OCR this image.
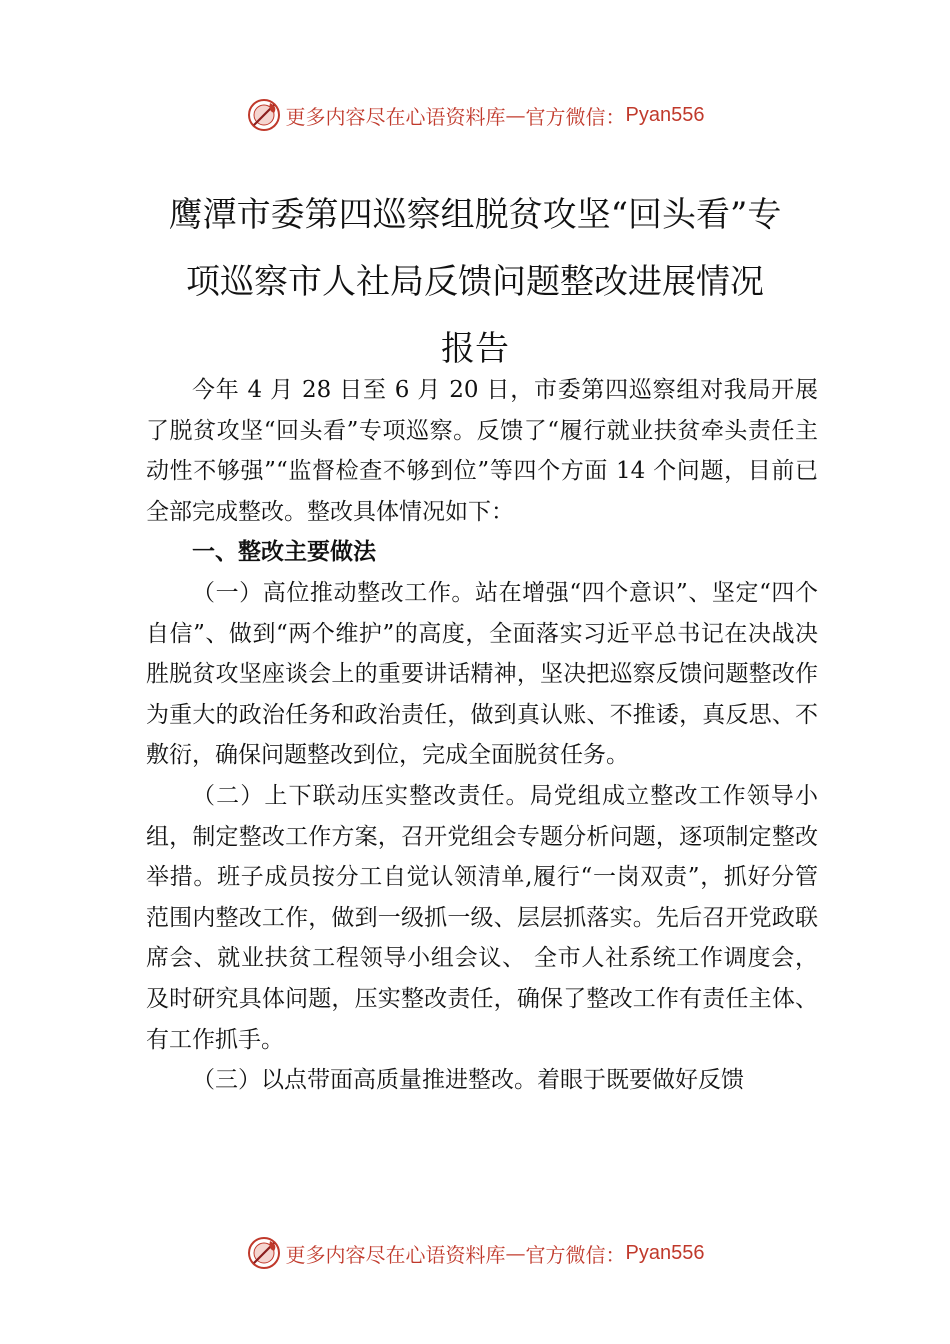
更多内容尽在心语资料库 — 官方微信： Pyan556
鹰潭市委第四巡察组脱贫攻坚“回头看”专
项巡察市人社局反馈问题整改进展情况
报告

今年 4 月 28 日至 6 月 20 日，市委第四巡察组对我局开展了脱贫攻坚“回头看”专项巡察。反馈了“履行就业扶贫牵头责任主动性不够强”“监督检查不够到位”等四个方面 14 个问题，目前已全部完成整改。整改具体情况如下：

一、整改主要做法

（一）高位推动整改工作。站在增强“四个意识”、坚定“四个自信”、做到“两个维护”的高度，全面落实习近平总书记在决战决胜脱贫攻坚座谈会上的重要讲话精神，坚决把巡察反馈问题整改作为重大的政治任务和政治责任，做到真认账、不推诿，真反思、不敷衍，确保问题整改到位，完成全面脱贫任务。

（二）上下联动压实整改责任。局党组成立整改工作领导小组，制定整改工作方案，召开党组会专题分析问题，逐项制定整改举措。班子成员按分工自觉认领清单,履行“一岗双责”，抓好分管范围内整改工作，做到一级抓一级、层层抓落实。先后召开党政联席会、就业扶贫工程领导小组会议、 全市人社系统工作调度会，及时研究具体问题，压实整改责任，确保了整改工作有责任主体、有工作抓手。

（三）以点带面高质量推进整改。着眼于既要做好反馈

更多内容尽在心语资料库 — 官方微信： Pyan556
